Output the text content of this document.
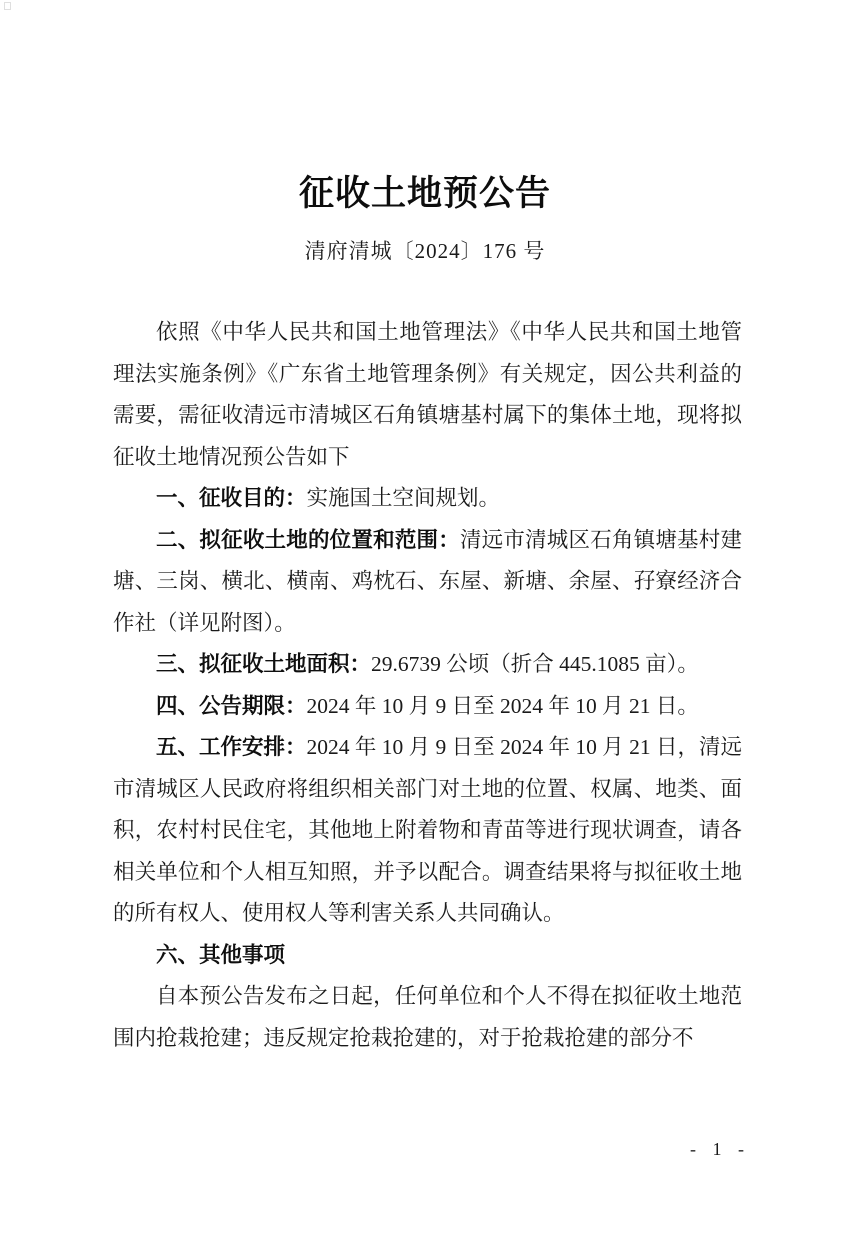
征收土地预公告
清府清城〔2024〕176 号

依照《中华人民共和国土地管理法》《中华人民共和国土地管理法实施条例》《广东省土地管理条例》有关规定，因公共利益的需要，需征收清远市清城区石角镇塘基村属下的集体土地，现将拟征收土地情况预公告如下

一、征收目的：实施国土空间规划。

二、拟征收土地的位置和范围：清远市清城区石角镇塘基村建塘、三岗、横北、横南、鸡枕石、东屋、新塘、余屋、孖寮经济合作社（详见附图）。

三、拟征收土地面积：29.6739 公顷（折合 445.1085 亩）。

四、公告期限：2024 年 10 月 9 日至 2024 年 10 月 21 日。

五、工作安排：2024 年 10 月 9 日至 2024 年 10 月 21 日，清远市清城区人民政府将组织相关部门对土地的位置、权属、地类、面积，农村村民住宅，其他地上附着物和青苗等进行现状调查，请各相关单位和个人相互知照，并予以配合。调查结果将与拟征收土地的所有权人、使用权人等利害关系人共同确认。

六、其他事项

自本预公告发布之日起，任何单位和个人不得在拟征收土地范围内抢栽抢建；违反规定抢栽抢建的，对于抢栽抢建的部分不

- 1 -
